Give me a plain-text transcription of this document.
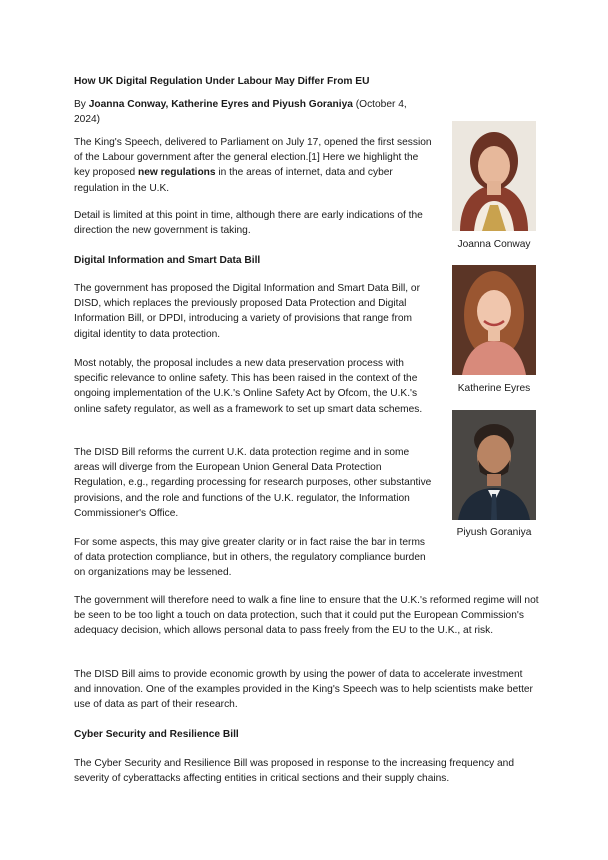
How UK Digital Regulation Under Labour May Differ From EU

By Joanna Conway, Katherine Eyres and Piyush Goraniya (October 4, 2024)

The King's Speech, delivered to Parliament on July 17, opened the first session of the Labour government after the general election.[1] Here we highlight the key proposed new regulations in the areas of internet, data and cyber regulation in the U.K.

Detail is limited at this point in time, although there are early indications of the direction the new government is taking.

Digital Information and Smart Data Bill

The government has proposed the Digital Information and Smart Data Bill, or DISD, which replaces the previously proposed Data Protection and Digital Information Bill, or DPDI, introducing a variety of provisions that range from digital identity to data protection.

Most notably, the proposal includes a new data preservation process with specific relevance to online safety. This has been raised in the context of the ongoing implementation of the U.K.'s Online Safety Act by Ofcom, the U.K.'s online safety regulator, as well as a framework to set up smart data schemes.

The DISD Bill reforms the current U.K. data protection regime and in some areas will diverge from the European Union General Data Protection Regulation, e.g., regarding processing for research purposes, other substantive provisions, and the role and functions of the U.K. regulator, the Information Commissioner's Office.

For some aspects, this may give greater clarity or in fact raise the bar in terms of data protection compliance, but in others, the regulatory compliance burden on organizations may be lessened.

The government will therefore need to walk a fine line to ensure that the U.K.'s reformed regime will not be seen to be too light a touch on data protection, such that it could put the European Commission's adequacy decision, which allows personal data to pass freely from the EU to the U.K., at risk.

The DISD Bill aims to provide economic growth by using the power of data to accelerate investment and innovation. One of the examples provided in the King's Speech was to help scientists make better use of data as part of their research.

Cyber Security and Resilience Bill

The Cyber Security and Resilience Bill was proposed in response to the increasing frequency and severity of cyberattacks affecting entities in critical sections and their supply chains.

Joanna Conway
Katherine Eyres
Piyush Goraniya
